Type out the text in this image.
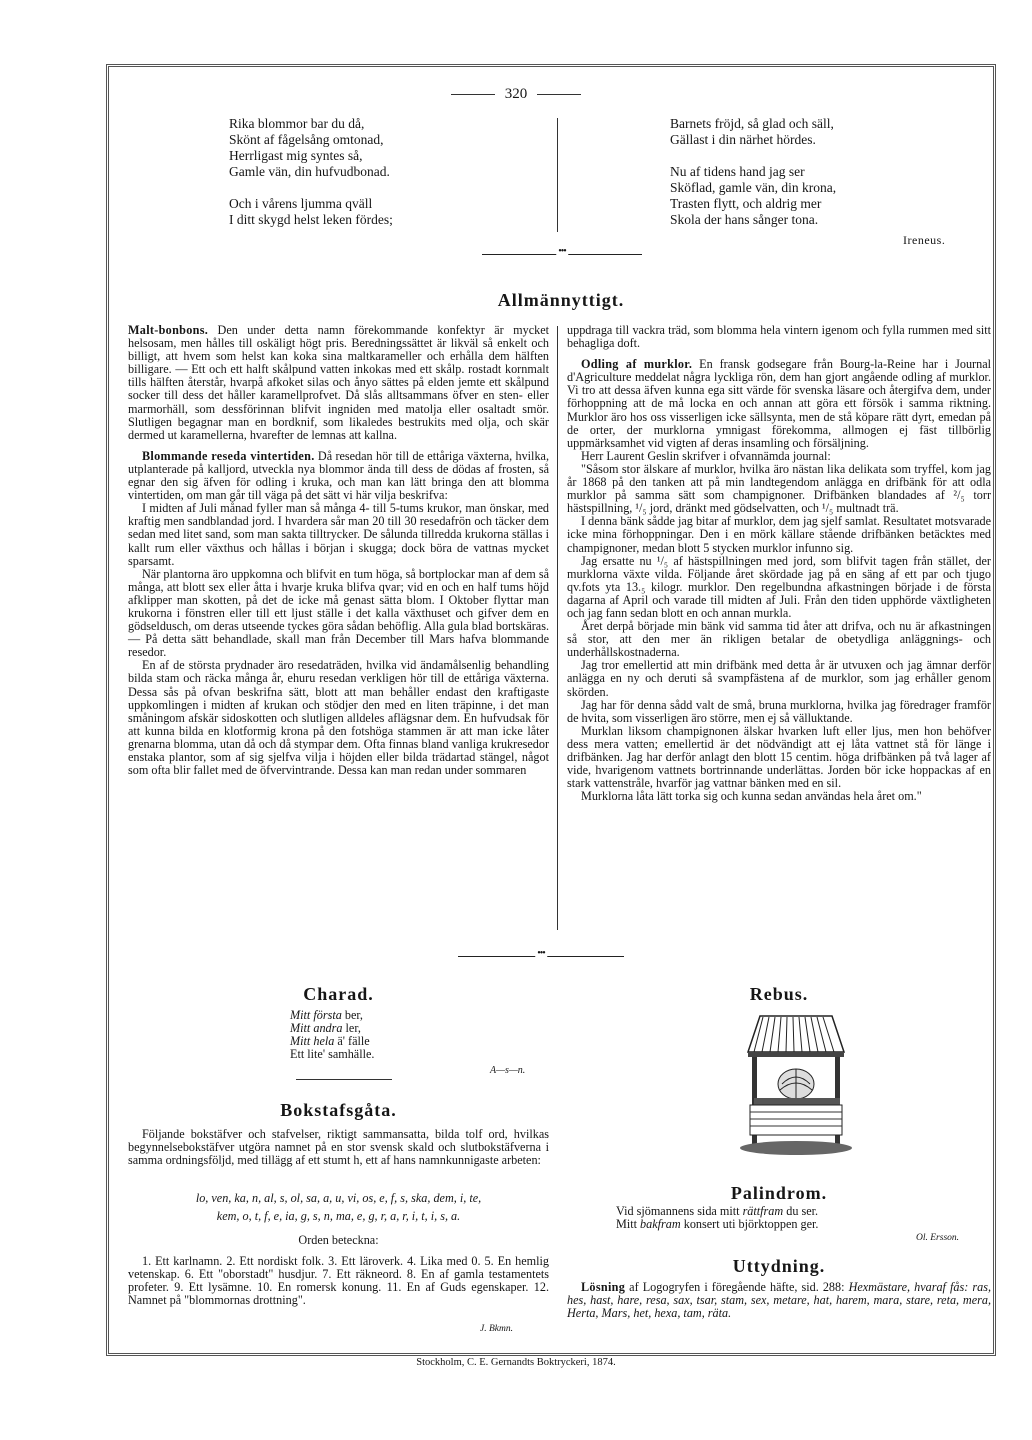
320
Rika blommor bar du då,
Skönt af fågelsång omtonad,
Herrligast mig syntes så,
Gamle vän, din hufvudbonad.

Och i vårens ljumma qväll
I ditt skygd helst leken fördes;
Barnets fröjd, så glad och säll,
Gällast i din närhet hördes.

Nu af tidens hand jag ser
Sköflad, gamle vän, din krona,
Trasten flytt, och aldrig mer
Skola der hans sånger tona.
Ireneus.
•••
Allmännyttigt.

Malt-bonbons. Den under detta namn förekommande konfektyr är mycket helsosam, men hålles till oskäligt högt pris. Beredningssättet är likväl så enkelt och billigt, att hvem som helst kan koka sina maltkarameller och erhålla dem hälften billigare. — Ett och ett halft skålpund vatten inkokas med ett skålp. rostadt kornmalt tills hälften återstår, hvarpå afkoket silas och ånyo sättes på elden jemte ett skålpund socker till dess det håller karamellprofvet. Då slås alltsammans öfver en sten- eller marmorhäll, som dessförinnan blifvit ingniden med matolja eller osaltadt smör. Slutligen begagnar man en bordknif, som likaledes bestrukits med olja, och skär dermed ut karamellerna, hvarefter de lemnas att kallna.

Blommande reseda vintertiden. Då resedan hör till de ettåriga växterna, hvilka, utplanterade på kalljord, utveckla nya blommor ända till dess de dödas af frosten, så egnar den sig äfven för odling i kruka, och man kan lätt bringa den att blomma vintertiden, om man går till väga på det sätt vi här vilja beskrifva:

I midten af Juli månad fyller man så många 4- till 5-tums krukor, man önskar, med kraftig men sandblandad jord. I hvardera sår man 20 till 30 resedafrön och täcker dem sedan med litet sand, som man sakta tilltrycker. De sålunda tillredda krukorna ställas i kallt rum eller växthus och hållas i början i skugga; dock böra de vattnas mycket sparsamt.

När plantorna äro uppkomna och blifvit en tum höga, så bortplockar man af dem så många, att blott sex eller åtta i hvarje kruka blifva qvar; vid en och en half tums höjd afklipper man skotten, på det de icke må genast sätta blom. I Oktober flyttar man krukorna i fönstren eller till ett ljust ställe i det kalla växthuset och gifver dem en gödseldusch, om deras utseende tyckes göra sådan behöflig. Alla gula blad bortskäras. — På detta sätt behandlade, skall man från December till Mars hafva blommande resedor.

En af de största prydnader äro resedaträden, hvilka vid ändamålsenlig behandling bilda stam och räcka många år, ehuru resedan verkligen hör till de ettåriga växterna. Dessa sås på ofvan beskrifna sätt, blott att man behåller endast den kraftigaste uppkomlingen i midten af krukan och stödjer den med en liten träpinne, i det man småningom afskär sidoskotten och slutligen alldeles aflägsnar dem. En hufvudsak för att kunna bilda en klotformig krona på den fotshöga stammen är att man icke låter grenarna blomma, utan då och då stympar dem. Ofta finnas bland vanliga krukresedor enstaka plantor, som af sig sjelfva vilja i höjden eller bilda trädartad stängel, något som ofta blir fallet med de öfvervintrande. Dessa kan man redan under sommaren

uppdraga till vackra träd, som blomma hela vintern igenom och fylla rummen med sitt behagliga doft.

Odling af murklor. En fransk godsegare från Bourg-la-Reine har i Journal d'Agriculture meddelat några lyckliga rön, dem han gjort angående odling af murklor. Vi tro att dessa äfven kunna ega sitt värde för svenska läsare och återgifva dem, under förhoppning att de må locka en och annan att göra ett försök i samma riktning. Murklor äro hos oss visserligen icke sällsynta, men de stå köpare rätt dyrt, emedan på de orter, der murklorna ymnigast förekomma, allmogen ej fäst tillbörlig uppmärksamhet vid vigten af deras insamling och försäljning.

Herr Laurent Geslin skrifver i ofvannämda journal:

"Såsom stor älskare af murklor, hvilka äro nästan lika delikata som tryffel, kom jag år 1868 på den tanken att på min landtegendom anlägga en drifbänk för att odla murklor på samma sätt som champignoner. Drifbänken blandades af ²/₅ torr hästspillning, ¹/₅ jord, dränkt med gödselvatten, och ¹/₅ multnadt trä.

I denna bänk sådde jag bitar af murklor, dem jag sjelf samlat. Resultatet motsvarade icke mina förhoppningar. Den i en mörk källare stående drifbänken betäcktes med champignoner, medan blott 5 stycken murklor infunno sig.

Jag ersatte nu ¹/₅ af hästspillningen med jord, som blifvit tagen från stället, der murklorna växte vilda. Följande året skördade jag på en säng af ett par och tjugo qv.fots yta 13.₅ kilogr. murklor. Den regelbundna afkastningen började i de första dagarna af April och varade till midten af Juli. Från den tiden upphörde växtligheten och jag fann sedan blott en och annan murkla.

Året derpå började min bänk vid samma tid åter att drifva, och nu är afkastningen så stor, att den mer än rikligen betalar de obetydliga anläggnings- och underhållskostnaderna.

Jag tror emellertid att min drifbänk med detta år är utvuxen och jag ämnar derför anlägga en ny och deruti så svampfästena af de murklor, som jag erhåller genom skörden.

Jag har för denna sådd valt de små, bruna murklorna, hvilka jag föredrager framför de hvita, som visserligen äro större, men ej så välluktande.

Murklan liksom champignonen älskar hvarken luft eller ljus, men hon behöfver dess mera vatten; emellertid är det nödvändigt att ej låta vattnet stå för länge i drifbänken. Jag har derför anlagt den blott 15 centim. höga drifbänken på två lager af vide, hvarigenom vattnets bortrinnande underlättas. Jorden bör icke hoppackas af en stark vattenstråle, hvarför jag vattnar bänken med en sil.

Murklorna låta lätt torka sig och kunna sedan användas hela året om."

•••
Charad.
Mitt första ber,
Mitt andra ler,
Mitt hela ä' fälle
Ett lite' samhälle.
A—s—n.
Bokstafsgåta.

Följande bokstäfver och stafvelser, riktigt sammansatta, bilda tolf ord, hvilkas begynnelsebokstäfver utgöra namnet på en stor svensk skald och slutbokstäfverna i samma ordningsföljd, med tillägg af ett stumt h, ett af hans namnkunnigaste arbeten:

lo, ven, ka, n, al, s, ol, sa, a, u, vi, os, e, f, s, ska, dem, i, te,
kem, o, t, f, e, ia, g, s, n, ma, e, g, r, a, r, i, t, i, s, a.
Orden beteckna:

1. Ett karlnamn. 2. Ett nordiskt folk. 3. Ett läroverk. 4. Lika med 0. 5. En hemlig vetenskap. 6. Ett "oborstadt" husdjur. 7. Ett räkneord. 8. En af gamla testamentets profeter. 9. Ett lysämne. 10. En romersk konung. 11. En af Guds egenskaper. 12. Namnet på "blommornas drottning".

J. Bkmn.
Rebus.
Palindrom.
Vid sjömannens sida mitt rättfram du ser.
Mitt bakfram konsert uti björktoppen ger.
Ol. Ersson.
Uttydning.

Lösning af Logogryfen i föregående häfte, sid. 288: Hexmästare, hvaraf fås: ras, hes, hast, hare, resa, sax, tsar, stam, sex, metare, hat, harem, mara, stare, reta, mera, Herta, Mars, het, hexa, tam, räta.

Stockholm, C. E. Gernandts Boktryckeri, 1874.
